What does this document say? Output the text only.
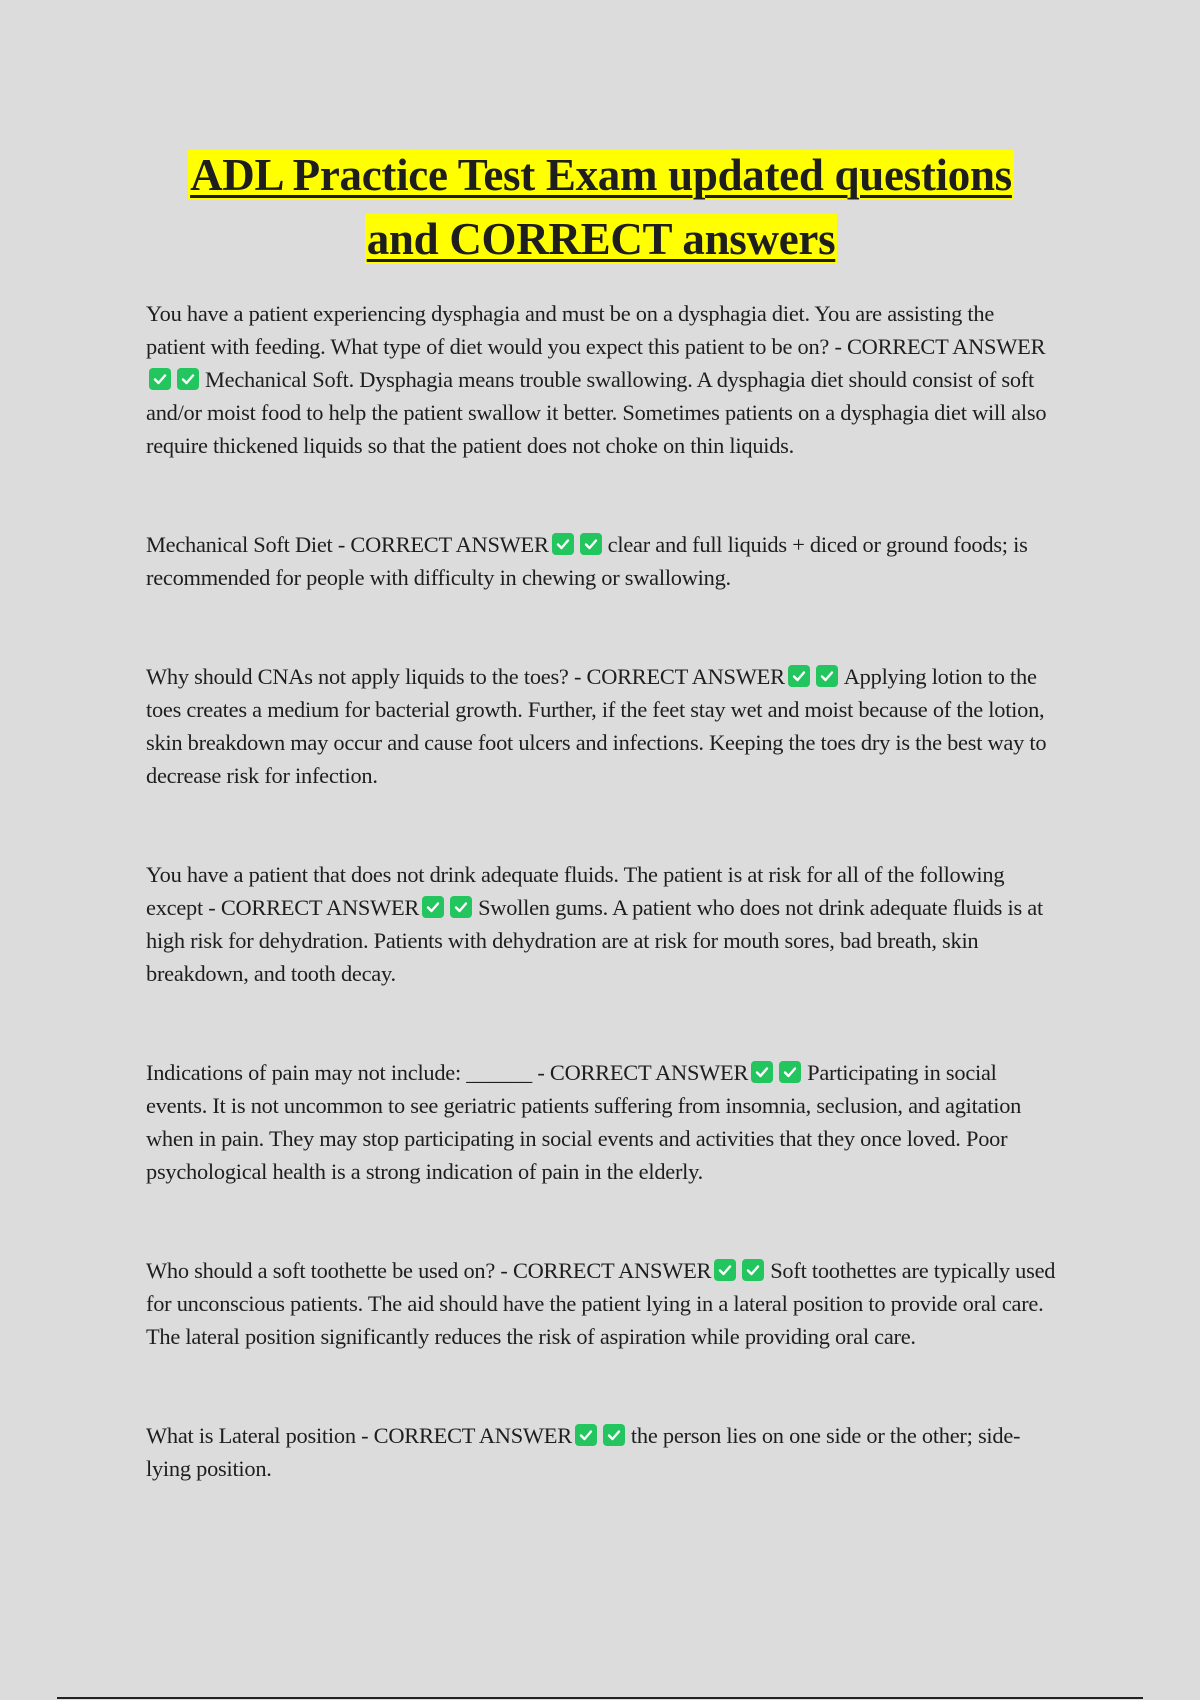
ADL Practice Test Exam updated questions
and CORRECT answers

You have a patient experiencing dysphagia and must be on a dysphagia diet. You are assisting the patient with feeding. What type of diet would you expect this patient to be on? - CORRECT ANSWER
Mechanical Soft. Dysphagia means trouble swallowing. A dysphagia diet should consist of soft and/or moist food to help the patient swallow it better. Sometimes patients on a dysphagia diet will also require thickened liquids so that the patient does not choke on thin liquids.

Mechanical Soft Diet - CORRECT ANSWER	clear and full liquids + diced or ground foods; is recommended for people with difficulty in chewing or swallowing.

Why should CNAs not apply liquids to the toes? - CORRECT ANSWER	Applying lotion to the toes creates a medium for bacterial growth. Further, if the feet stay wet and moist because of the lotion, skin breakdown may occur and cause foot ulcers and infections. Keeping the toes dry is the best way to decrease risk for infection.

You have a patient that does not drink adequate fluids. The patient is at risk for all of the following except - CORRECT ANSWER	Swollen gums. A patient who does not drink adequate fluids is at high risk for dehydration. Patients with dehydration are at risk for mouth sores, bad breath, skin breakdown, and tooth decay.

Indications of pain may not include: ______ - CORRECT ANSWER	Participating in social events. It is not uncommon to see geriatric patients suffering from insomnia, seclusion, and agitation when in pain. They may stop participating in social events and activities that they once loved. Poor psychological health is a strong indication of pain in the elderly.

Who should a soft toothette be used on? - CORRECT ANSWER	Soft toothettes are typically used for unconscious patients. The aid should have the patient lying in a lateral position to provide oral care. The lateral position significantly reduces the risk of aspiration while providing oral care.

What is Lateral position - CORRECT ANSWER	the person lies on one side or the other; side-lying position.
